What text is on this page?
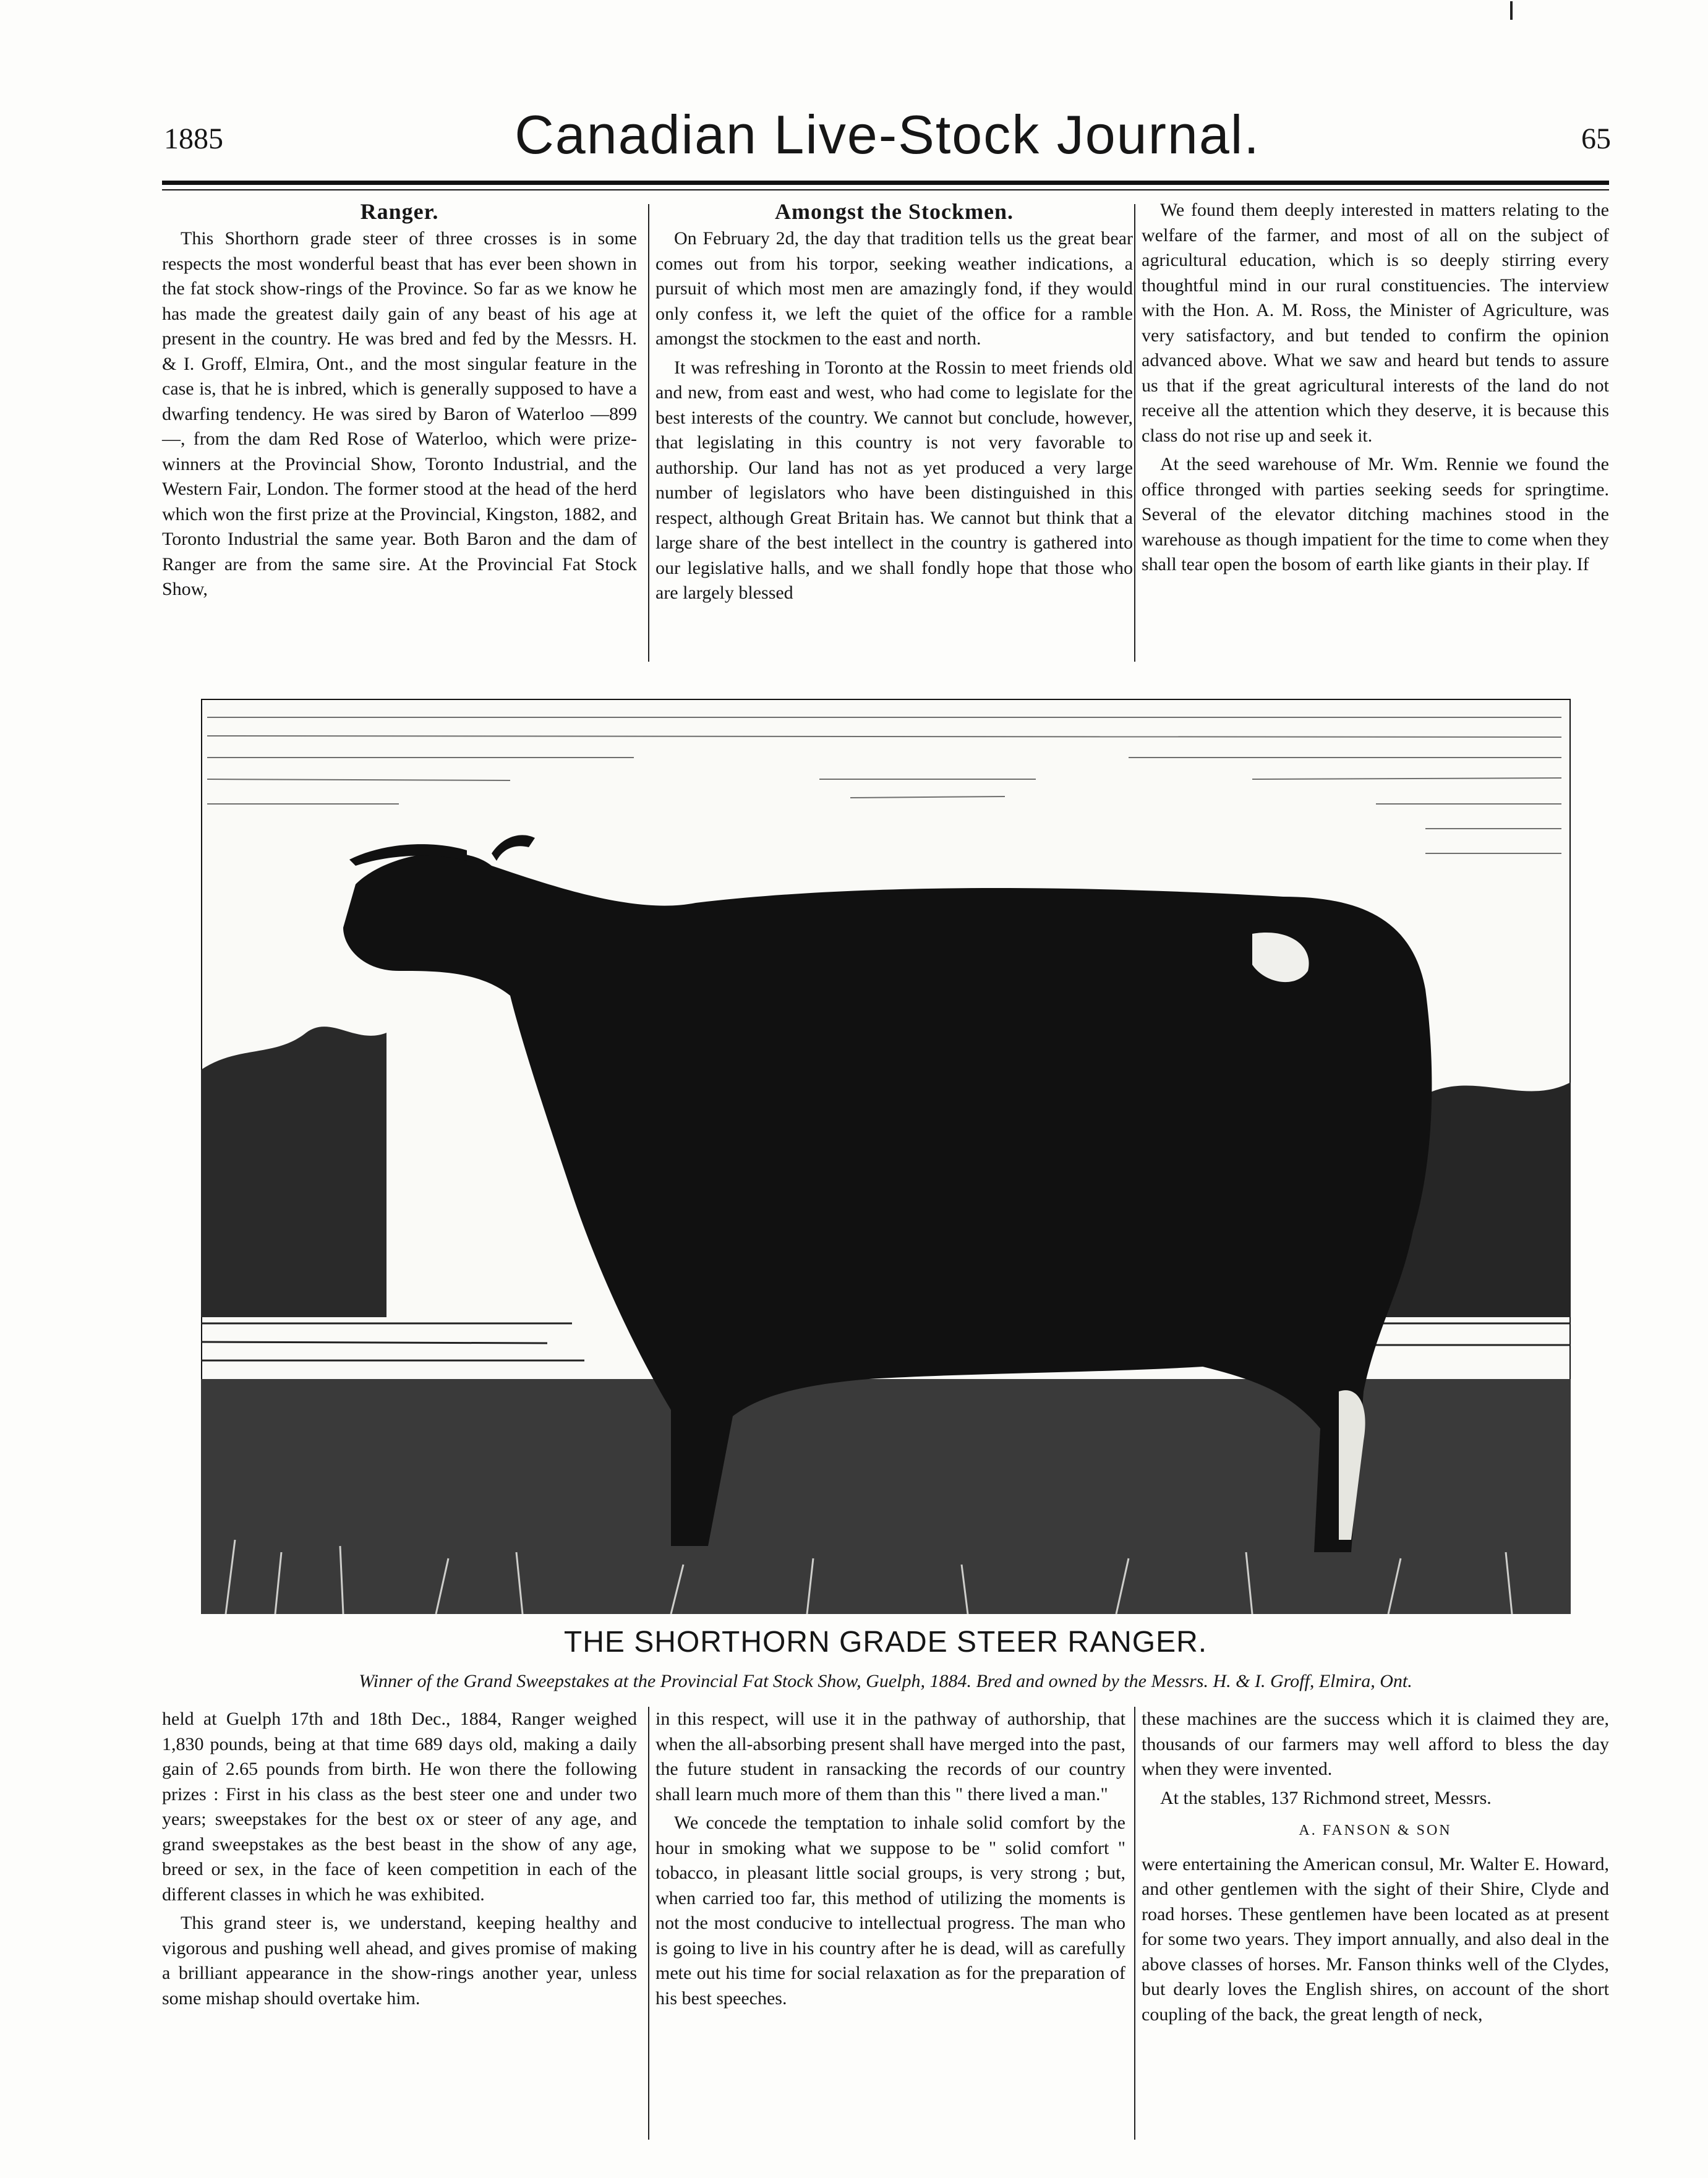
1885	Canadian Live-Stock Journal.	65
Ranger.

This Shorthorn grade steer of three crosses is in some respects the most wonderful beast that has ever been shown in the fat stock show-rings of the Province. So far as we know he has made the greatest daily gain of any beast of his age at present in the country. He was bred and fed by the Messrs. H. & I. Groff, Elmira, Ont., and the most singular feature in the case is, that he is inbred, which is generally supposed to have a dwarfing tendency. He was sired by Baron of Waterloo —899—, from the dam Red Rose of Waterloo, which were prize-winners at the Provincial Show, Toronto Industrial, and the Western Fair, London. The former stood at the head of the herd which won the first prize at the Provincial, Kingston, 1882, and Toronto Industrial the same year. Both Baron and the dam of Ranger are from the same sire. At the Provincial Fat Stock Show,

Amongst the Stockmen.

On February 2d, the day that tradition tells us the great bear comes out from his torpor, seeking weather indications, a pursuit of which most men are amazingly fond, if they would only confess it, we left the quiet of the office for a ramble amongst the stockmen to the east and north.

It was refreshing in Toronto at the Rossin to meet friends old and new, from east and west, who had come to legislate for the best interests of the country. We cannot but conclude, however, that legislating in this country is not very favorable to authorship. Our land has not as yet produced a very large number of legislators who have been distinguished in this respect, although Great Britain has. We cannot but think that a large share of the best intellect in the country is gathered into our legislative halls, and we shall fondly hope that those who are largely blessed

We found them deeply interested in matters relating to the welfare of the farmer, and most of all on the subject of agricultural education, which is so deeply stirring every thoughtful mind in our rural constituencies. The interview with the Hon. A. M. Ross, the Minister of Agriculture, was very satisfactory, and but tended to confirm the opinion advanced above. What we saw and heard but tends to assure us that if the great agricultural interests of the land do not receive all the attention which they deserve, it is because this class do not rise up and seek it.

At the seed warehouse of Mr. Wm. Rennie we found the office thronged with parties seeking seeds for springtime. Several of the elevator ditching machines stood in the warehouse as though impatient for the time to come when they shall tear open the bosom of earth like giants in their play. If

THE SHORTHORN GRADE STEER RANGER.
Winner of the Grand Sweepstakes at the Provincial Fat Stock Show, Guelph, 1884. Bred and owned by the Messrs. H. & I. Groff, Elmira, Ont.

held at Guelph 17th and 18th Dec., 1884, Ranger weighed 1,830 pounds, being at that time 689 days old, making a daily gain of 2.65 pounds from birth. He won there the following prizes : First in his class as the best steer one and under two years; sweepstakes for the best ox or steer of any age, and grand sweepstakes as the best beast in the show of any age, breed or sex, in the face of keen competition in each of the different classes in which he was exhibited.

This grand steer is, we understand, keeping healthy and vigorous and pushing well ahead, and gives promise of making a brilliant appearance in the show-rings another year, unless some mishap should overtake him.

in this respect, will use it in the pathway of authorship, that when the all-absorbing present shall have merged into the past, the future student in ransacking the records of our country shall learn much more of them than this " there lived a man."

We concede the temptation to inhale solid comfort by the hour in smoking what we suppose to be " solid comfort " tobacco, in pleasant little social groups, is very strong ; but, when carried too far, this method of utilizing the moments is not the most conducive to intellectual progress. The man who is going to live in his country after he is dead, will as carefully mete out his time for social relaxation as for the preparation of his best speeches.

these machines are the success which it is claimed they are, thousands of our farmers may well afford to bless the day when they were invented.

At the stables, 137 Richmond street, Messrs.

A. FANSON & SON

were entertaining the American consul, Mr. Walter E. Howard, and other gentlemen with the sight of their Shire, Clyde and road horses. These gentlemen have been located as at present for some two years. They import annually, and also deal in the above classes of horses. Mr. Fanson thinks well of the Clydes, but dearly loves the English shires, on account of the short coupling of the back, the great length of neck,
